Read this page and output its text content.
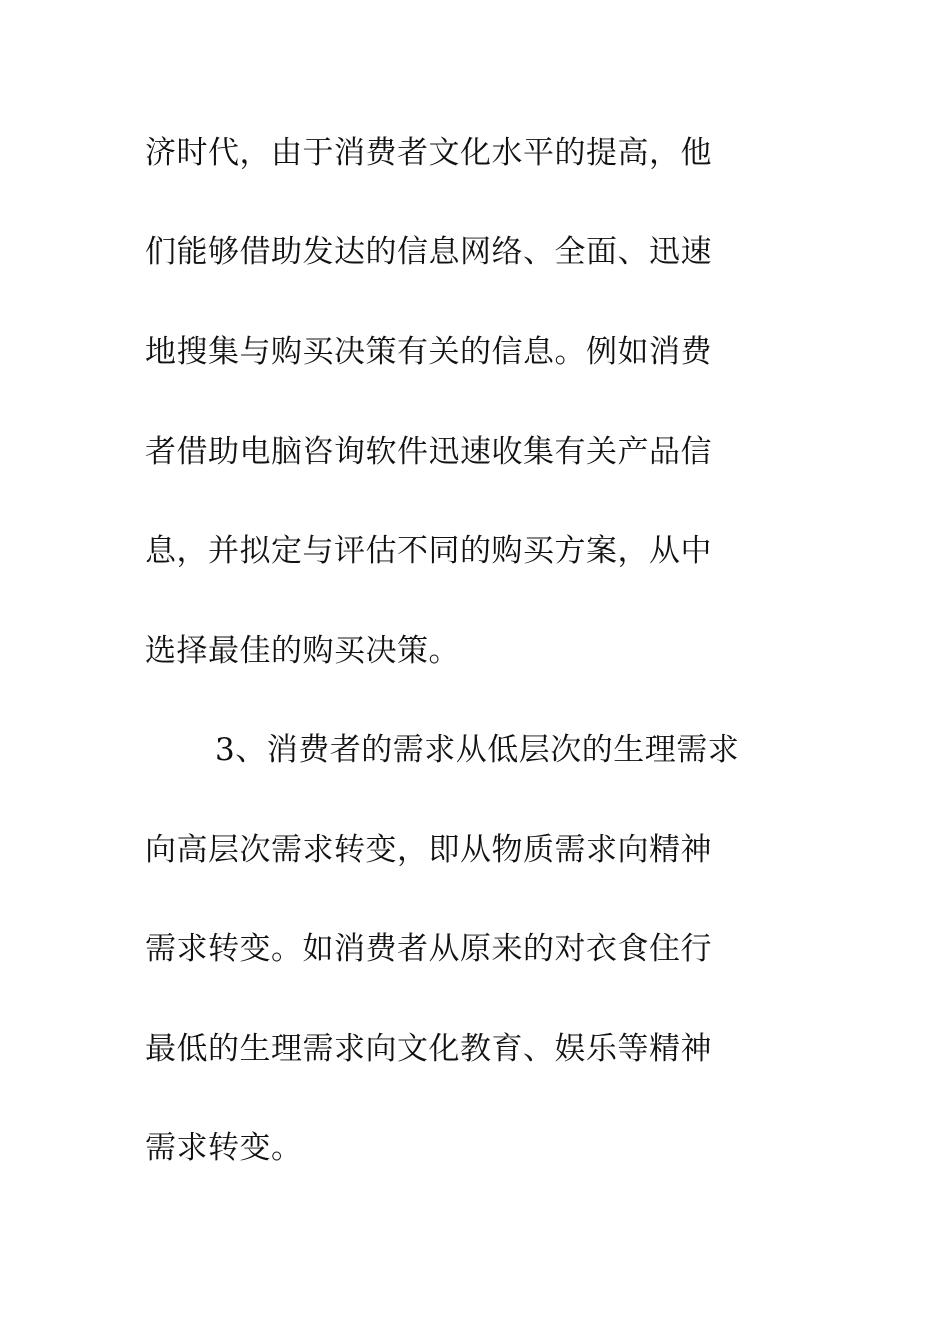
济时代，由于消费者文化水平的提高，他

们能够借助发达的信息网络、全面、迅速

地搜集与购买决策有关的信息。例如消费

者借助电脑咨询软件迅速收集有关产品信

息，并拟定与评估不同的购买方案，从中

选择最佳的购买决策。

3、消费者的需求从低层次的生理需求

向高层次需求转变，即从物质需求向精神

需求转变。如消费者从原来的对衣食住行

最低的生理需求向文化教育、娱乐等精神

需求转变。
